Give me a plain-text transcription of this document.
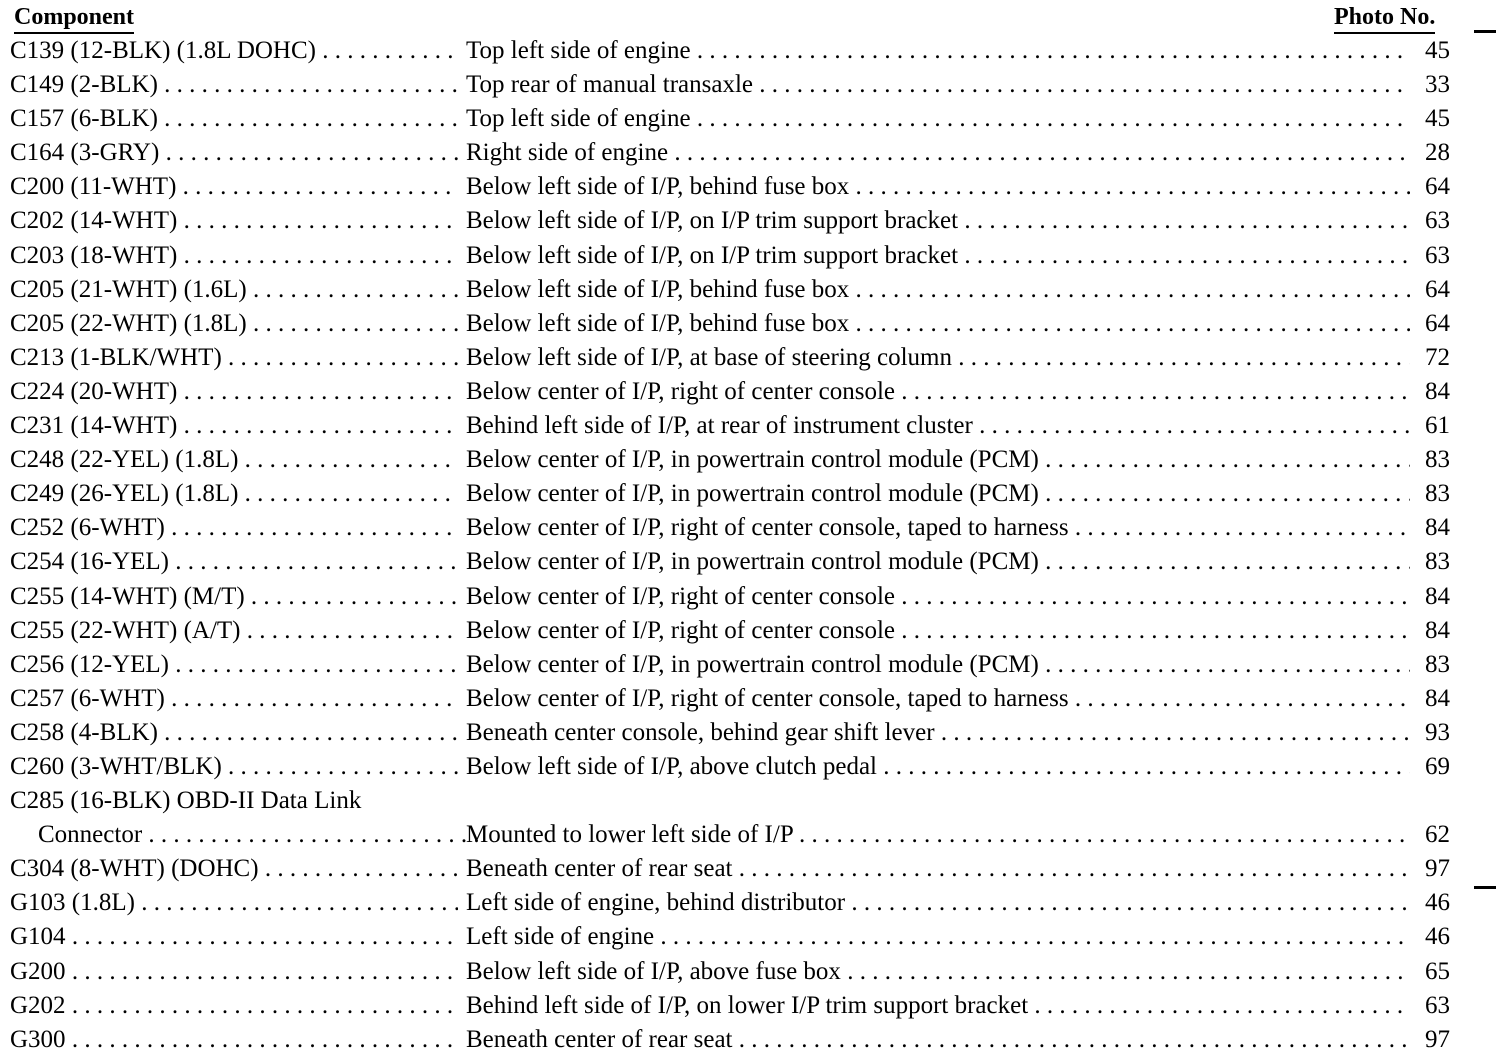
Component	Photo No.
C139 (12-BLK) (1.8L DOHC) . . .	Top left side of engine . . .	45
C149 (2-BLK) . . .	Top rear of manual transaxle . . .	33
C157 (6-BLK) . . .	Top left side of engine . . .	45
C164 (3-GRY) . . .	Right side of engine . . .	28
C200 (11-WHT) . . .	Below left side of I/P, behind fuse box . . .	64
C202 (14-WHT) . . .	Below left side of I/P, on I/P trim support bracket . . .	63
C203 (18-WHT) . . .	Below left side of I/P, on I/P trim support bracket . . .	63
C205 (21-WHT) (1.6L) . . .	Below left side of I/P, behind fuse box . . .	64
C205 (22-WHT) (1.8L) . . .	Below left side of I/P, behind fuse box . . .	64
C213 (1-BLK/WHT) . . .	Below left side of I/P, at base of steering column . . .	72
C224 (20-WHT) . . .	Below center of I/P, right of center console . . .	84
C231 (14-WHT) . . .	Behind left side of I/P, at rear of instrument cluster . . .	61
C248 (22-YEL) (1.8L) . . .	Below center of I/P, in powertrain control module (PCM) . . .	83
C249 (26-YEL) (1.8L) . . .	Below center of I/P, in powertrain control module (PCM) . . .	83
C252 (6-WHT) . . .	Below center of I/P, right of center console, taped to harness . . .	84
C254 (16-YEL) . . .	Below center of I/P, in powertrain control module (PCM) . . .	83
C255 (14-WHT) (M/T) . . .	Below center of I/P, right of center console . . .	84
C255 (22-WHT) (A/T) . . .	Below center of I/P, right of center console . . .	84
C256 (12-YEL) . . .	Below center of I/P, in powertrain control module (PCM) . . .	83
C257 (6-WHT) . . .	Below center of I/P, right of center console, taped to harness . . .	84
C258 (4-BLK) . . .	Beneath center console, behind gear shift lever . . .	93
C260 (3-WHT/BLK) . . .	Below left side of I/P, above clutch pedal . . .	69
C285 (16-BLK) OBD-II Data Link
Connector . . .	Mounted to lower left side of I/P . . .	62
C304 (8-WHT) (DOHC) . . .	Beneath center of rear seat . . .	97
G103 (1.8L) . . .	Left side of engine, behind distributor . . .	46
G104 . . .	Left side of engine . . .	46
G200 . . .	Below left side of I/P, above fuse box . . .	65
G202 . . .	Behind left side of I/P, on lower I/P trim support bracket . . .	63
G300 . . .	Beneath center of rear seat . . .	97
